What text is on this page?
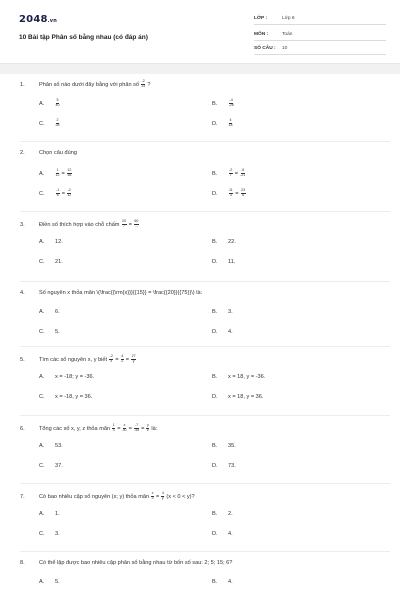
2048.vn
10 Bài tập Phân số bằng nhau (có đáp án)
LỚP :	Lớp 6
MÔN :	Toán
SỐ CÂU : 10
1.	Phân số nào dưới đây bằng với phân số $\frac{-2}{13}$ ?
A.	$\frac{5}{40}$	B.	$\frac{-4}{-26}$
C.	$\frac{2}{28}$	D.	$\frac{4}{18}$
2.	Chọn câu đúng
A.	$\frac{1}{12} = \frac{12}{36}$	B.	$\frac{-2}{7} = \frac{-5}{-21}$
C.	$\frac{-1}{6} = \frac{-2}{12}$	D.	$\frac{11}{3} = \frac{23}{6}$
3.	Điền số thích hợp vào chỗ chấm $\frac{20}{7} = \frac{60}{...}$
A. 12.	B. 22.
C. 21.	D. 11.
4.	Số nguyên x thỏa mãn \(\frac{{\rm{x}}}{{15}} = \frac{{20}}{{75}}\) là:
A. 6.	B. 3.
C. 5.	D. 4.
5.	Tìm các số nguyên x, y biết $\frac{-2}{x} = \frac{4}{2} = \frac{27}{y}$
A. x = -18; y = -36.	B. x = 18, y = -36.
C. x = -18, y = 36.	D. x = 18, y = 36.
6.	Tổng các số x, y, z thỏa mãn $\frac{1}{3} = \frac{x}{30} = \frac{-7}{-35} = \frac{y}{z}$ là:
A. 53.	B. 35.
C. 37.	D. 73.
7.	Có bao nhiêu cặp số nguyên (x; y) thỏa mãn $\frac{x}{3} = \frac{4}{y} (x < 0 < y)$?
A. 1.	B. 2.
C. 3.	D. 4.
8.	Có thể lập được bao nhiêu cặp phân số bằng nhau từ bốn số sau: 2; 5; 15; 6?
A. 5.	B. 4.
